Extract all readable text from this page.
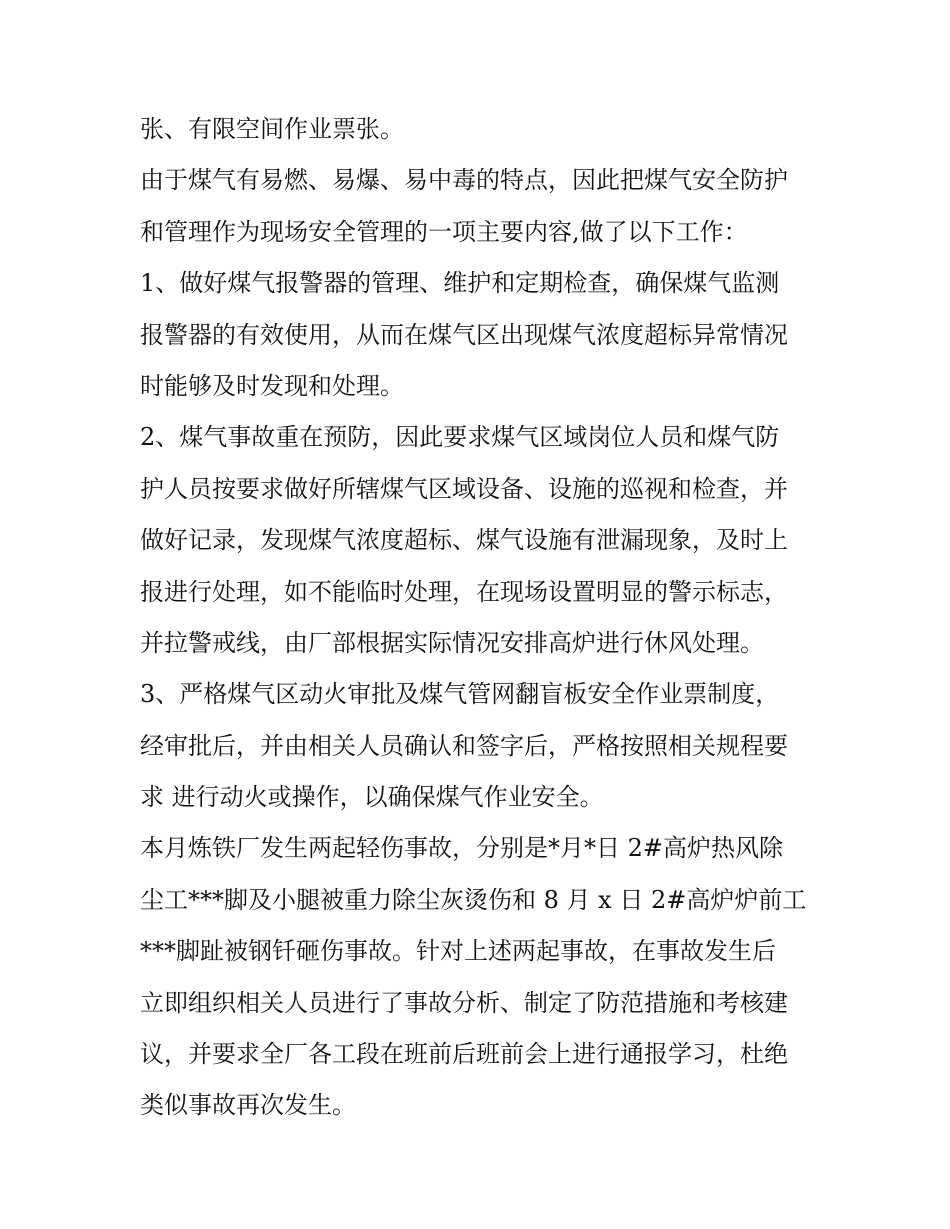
张、有限空间作业票张。
由于煤气有易燃、易爆、易中毒的特点，因此把煤气安全防护
和管理作为现场安全管理的一项主要内容,做了以下工作：
1、做好煤气报警器的管理、维护和定期检查，确保煤气监测
报警器的有效使用，从而在煤气区出现煤气浓度超标异常情况
时能够及时发现和处理。
2、煤气事故重在预防，因此要求煤气区域岗位人员和煤气防
护人员按要求做好所辖煤气区域设备、设施的巡视和检查，并
做好记录，发现煤气浓度超标、煤气设施有泄漏现象，及时上
报进行处理，如不能临时处理，在现场设置明显的警示标志，
并拉警戒线，由厂部根据实际情况安排高炉进行休风处理。
3、严格煤气区动火审批及煤气管网翻盲板安全作业票制度，
经审批后，并由相关人员确认和签字后，严格按照相关规程要
求 进行动火或操作，以确保煤气作业安全。
本月炼铁厂发生两起轻伤事故，分别是*月*日 2#高炉热风除
尘工***脚及小腿被重力除尘灰烫伤和 8 月 x 日 2#高炉炉前工
***脚趾被钢钎砸伤事故。针对上述两起事故，在事故发生后
立即组织相关人员进行了事故分析、制定了防范措施和考核建
议，并要求全厂各工段在班前后班前会上进行通报学习，杜绝
类似事故再次发生。
